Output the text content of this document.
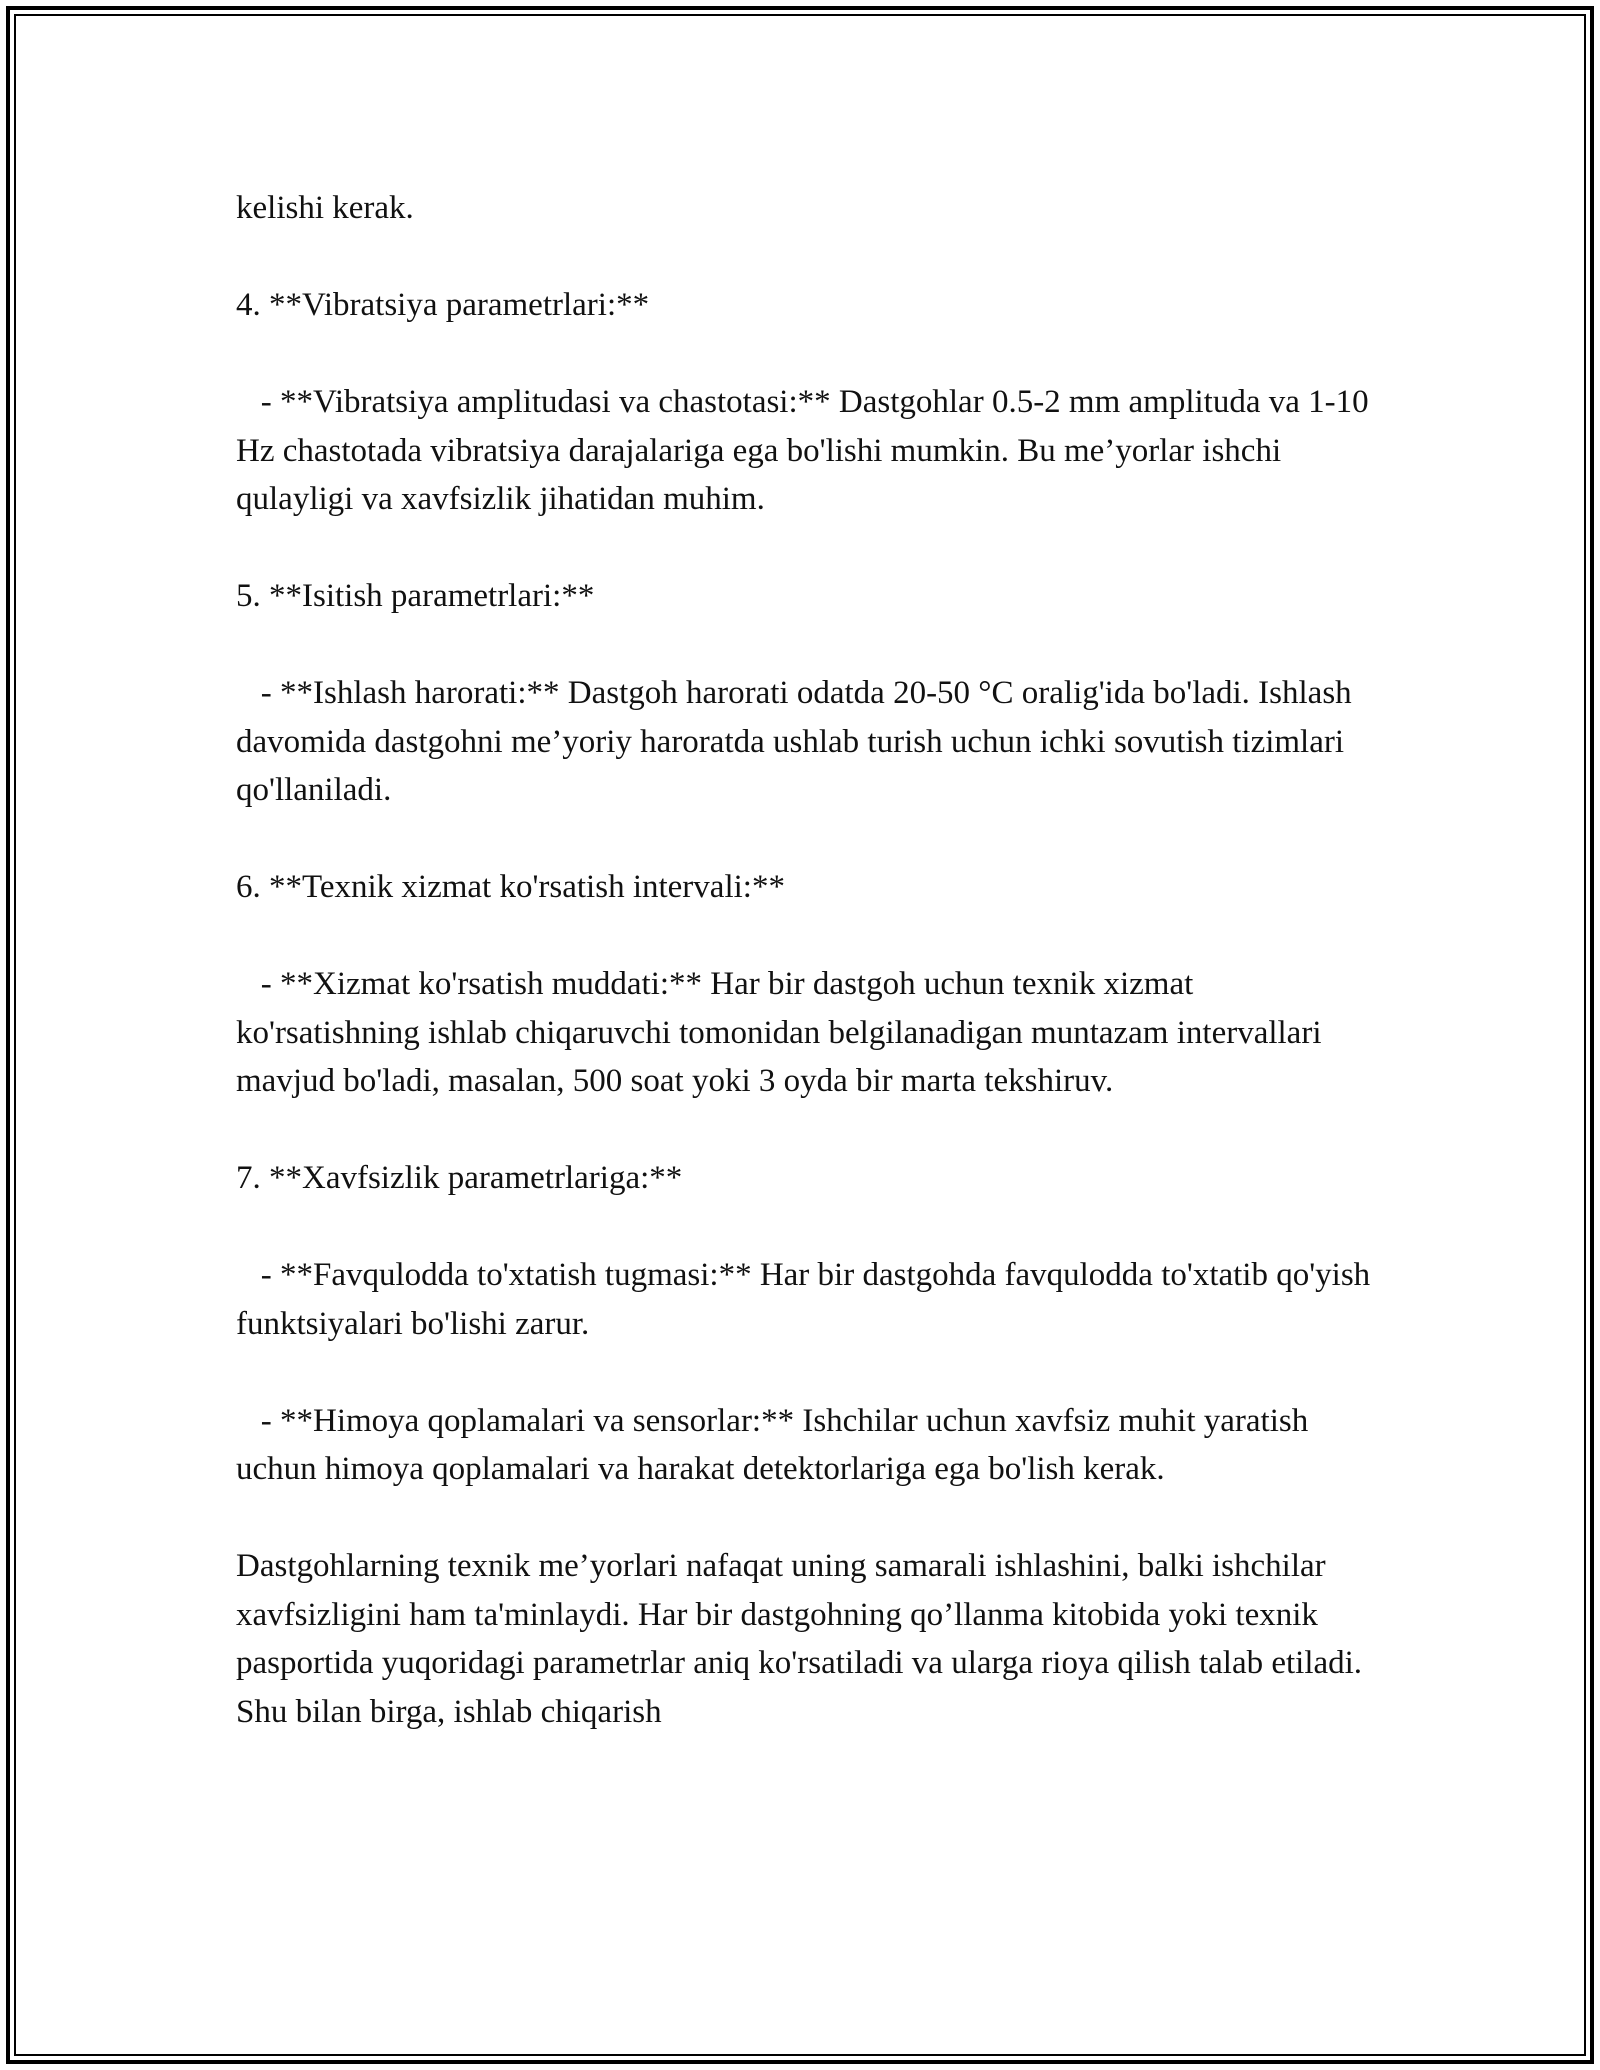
kelishi kerak.

4. **Vibratsiya parametrlari:**

- **Vibratsiya amplitudasi va chastotasi:** Dastgohlar 0.5-2 mm amplituda va 1-10 Hz chastotada vibratsiya darajalariga ega bo'lishi mumkin. Bu me’yorlar ishchi qulayligi va xavfsizlik jihatidan muhim.

5. **Isitish parametrlari:**

- **Ishlash harorati:** Dastgoh harorati odatda 20-50 °C oralig'ida bo'ladi. Ishlash davomida dastgohni me’yoriy haroratda ushlab turish uchun ichki sovutish tizimlari qo'llaniladi.

6. **Texnik xizmat ko'rsatish intervali:**

- **Xizmat ko'rsatish muddati:** Har bir dastgoh uchun texnik xizmat ko'rsatishning ishlab chiqaruvchi tomonidan belgilanadigan muntazam intervallari mavjud bo'ladi, masalan, 500 soat yoki 3 oyda bir marta tekshiruv.

7. **Xavfsizlik parametrlariga:**

- **Favqulodda to'xtatish tugmasi:** Har bir dastgohda favqulodda to'xtatib qo'yish funktsiyalari bo'lishi zarur.

- **Himoya qoplamalari va sensorlar:** Ishchilar uchun xavfsiz muhit yaratish uchun himoya qoplamalari va harakat detektorlariga ega bo'lish kerak.

Dastgohlarning texnik me’yorlari nafaqat uning samarali ishlashini, balki ishchilar xavfsizligini ham ta'minlaydi. Har bir dastgohning qo’llanma kitobida yoki texnik pasportida yuqoridagi parametrlar aniq ko'rsatiladi va ularga rioya qilish talab etiladi. Shu bilan birga, ishlab chiqarish
